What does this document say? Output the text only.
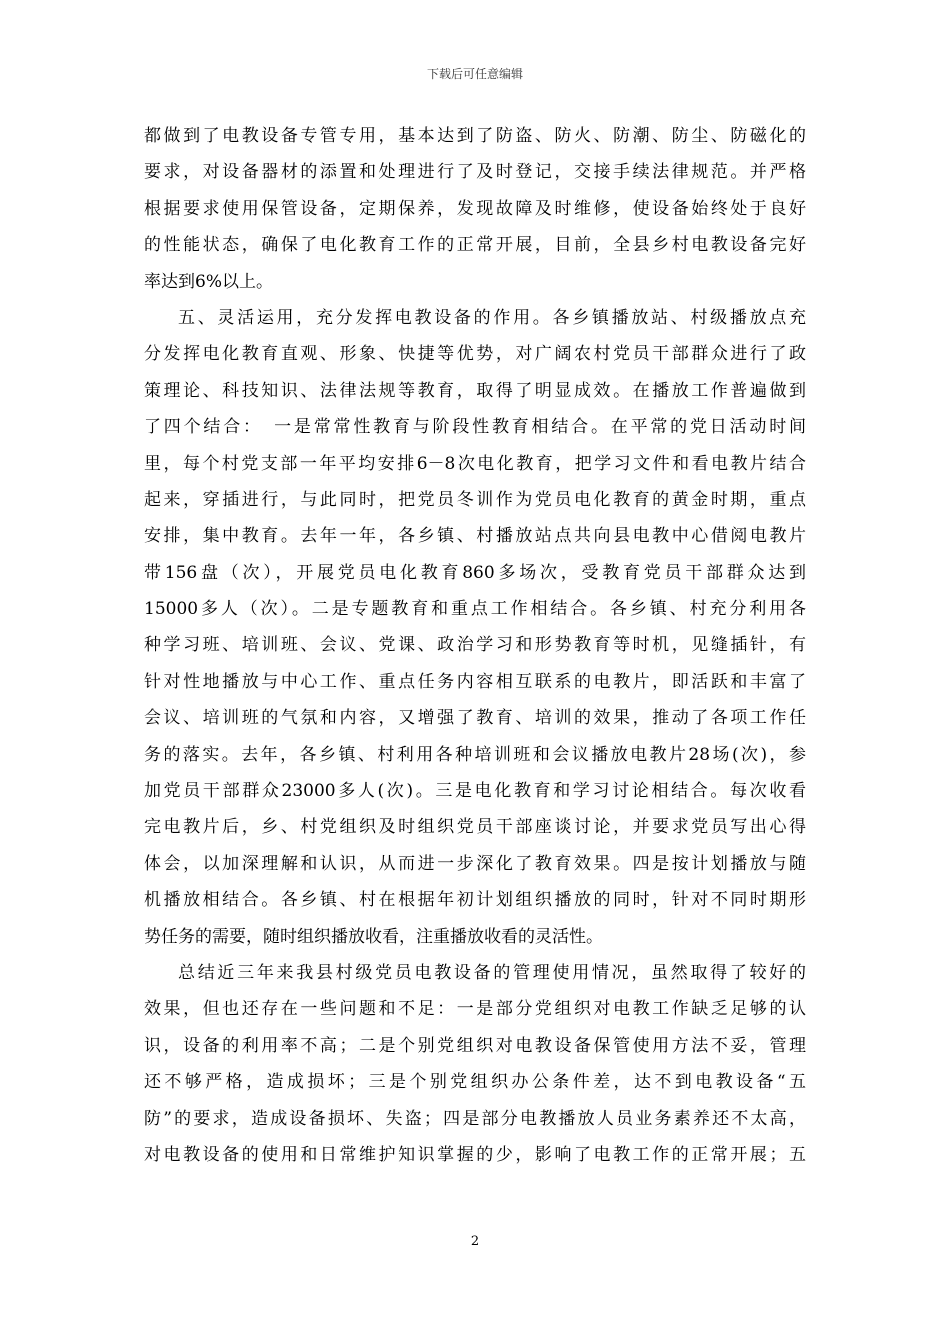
下载后可任意编辑
都做到了电教设备专管专用，基本达到了防盗、防火、防潮、防尘、防磁化的
要求，对设备器材的添置和处理进行了及时登记，交接手续法律规范。并严格
根据要求使用保管设备，定期保养，发现故障及时维修，使设备始终处于良好
的性能状态，确保了电化教育工作的正常开展，目前，全县乡村电教设备完好
率达到6%以上。
五、灵活运用，充分发挥电教设备的作用。各乡镇播放站、村级播放点充
分发挥电化教育直观、形象、快捷等优势，对广阔农村党员干部群众进行了政
策理论、科技知识、法律法规等教育，取得了明显成效。在播放工作普遍做到
了四个结合：　一是常常性教育与阶段性教育相结合。在平常的党日活动时间
里，每个村党支部一年平均安排6－8次电化教育，把学习文件和看电教片结合
起来，穿插进行，与此同时，把党员冬训作为党员电化教育的黄金时期，重点
安排，集中教育。去年一年，各乡镇、村播放站点共向县电教中心借阅电教片
带156盘（次），开展党员电化教育860多场次，受教育党员干部群众达到
15000多人（次）。二是专题教育和重点工作相结合。各乡镇、村充分利用各
种学习班、培训班、会议、党课、政治学习和形势教育等时机，见缝插针，有
针对性地播放与中心工作、重点任务内容相互联系的电教片，即活跃和丰富了
会议、培训班的气氛和内容，又增强了教育、培训的效果，推动了各项工作任
务的落实。去年，各乡镇、村利用各种培训班和会议播放电教片28场(次)，参
加党员干部群众23000多人(次)。三是电化教育和学习讨论相结合。每次收看
完电教片后，乡、村党组织及时组织党员干部座谈讨论，并要求党员写出心得
体会，以加深理解和认识，从而进一步深化了教育效果。四是按计划播放与随
机播放相结合。各乡镇、村在根据年初计划组织播放的同时，针对不同时期形
势任务的需要，随时组织播放收看，注重播放收看的灵活性。
总结近三年来我县村级党员电教设备的管理使用情况，虽然取得了较好的
效果，但也还存在一些问题和不足：一是部分党组织对电教工作缺乏足够的认
识，设备的利用率不高；二是个别党组织对电教设备保管使用方法不妥，管理
还不够严格，造成损坏；三是个别党组织办公条件差，达不到电教设备“五
防”的要求，造成设备损坏、失盗；四是部分电教播放人员业务素养还不太高，
对电教设备的使用和日常维护知识掌握的少，影响了电教工作的正常开展；五
2
